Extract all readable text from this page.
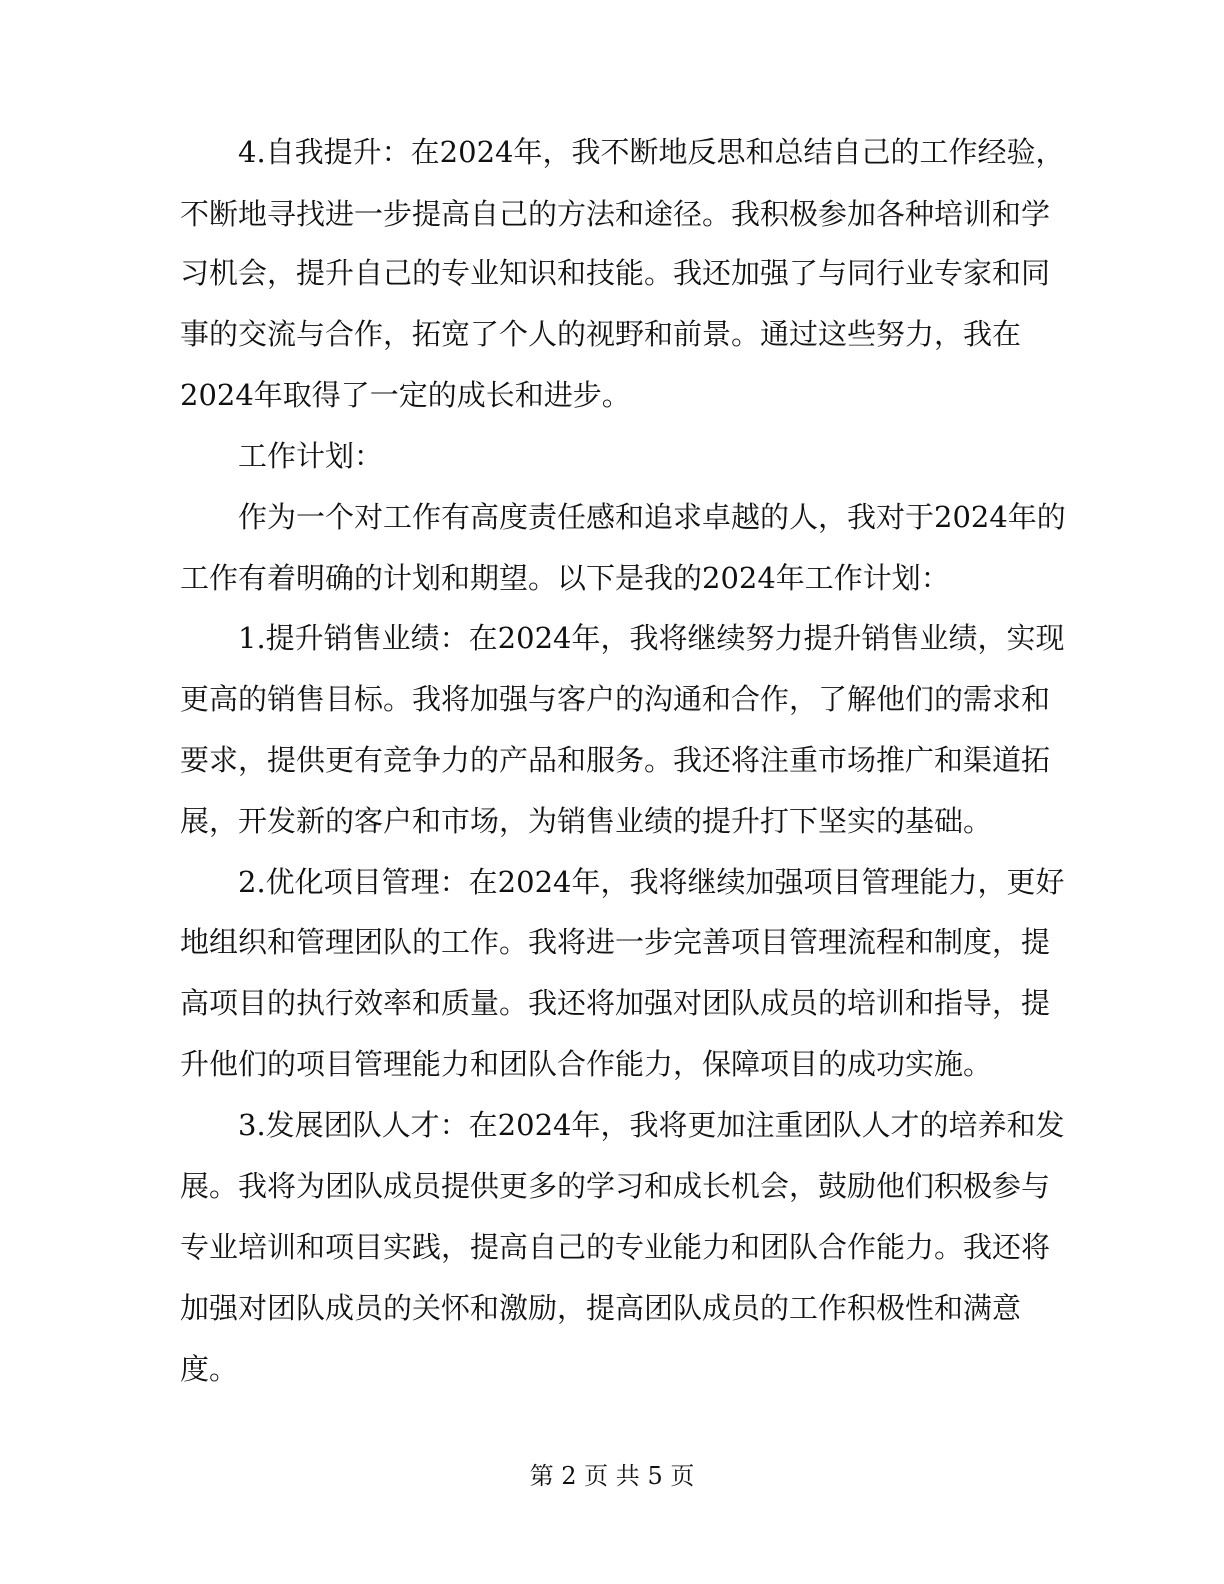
4.自我提升：在2024年，我不断地反思和总结自己的工作经验，
不断地寻找进一步提高自己的方法和途径。我积极参加各种培训和学
习机会，提升自己的专业知识和技能。我还加强了与同行业专家和同
事的交流与合作，拓宽了个人的视野和前景。通过这些努力，我在
2024年取得了一定的成长和进步。
工作计划：
作为一个对工作有高度责任感和追求卓越的人，我对于2024年的
工作有着明确的计划和期望。以下是我的2024年工作计划：
1.提升销售业绩：在2024年，我将继续努力提升销售业绩，实现
更高的销售目标。我将加强与客户的沟通和合作，了解他们的需求和
要求，提供更有竞争力的产品和服务。我还将注重市场推广和渠道拓
展，开发新的客户和市场，为销售业绩的提升打下坚实的基础。
2.优化项目管理：在2024年，我将继续加强项目管理能力，更好
地组织和管理团队的工作。我将进一步完善项目管理流程和制度，提
高项目的执行效率和质量。我还将加强对团队成员的培训和指导，提
升他们的项目管理能力和团队合作能力，保障项目的成功实施。
3.发展团队人才：在2024年，我将更加注重团队人才的培养和发
展。我将为团队成员提供更多的学习和成长机会，鼓励他们积极参与
专业培训和项目实践，提高自己的专业能力和团队合作能力。我还将
加强对团队成员的关怀和激励，提高团队成员的工作积极性和满意
度。
第 2 页 共 5 页
